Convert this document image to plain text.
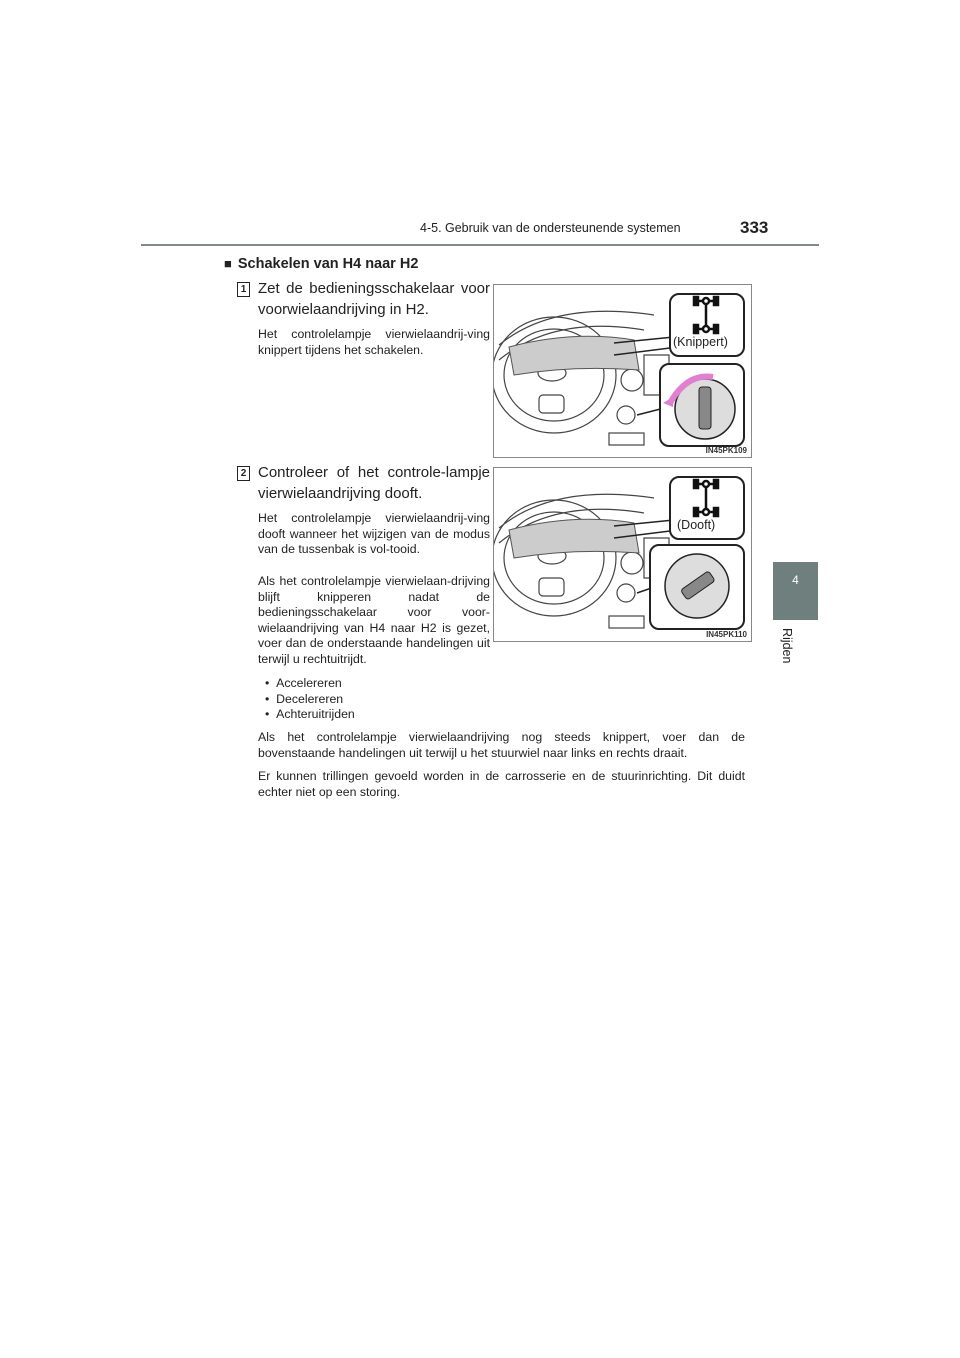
4-5. Gebruik van de ondersteunende systemen	333
4
Rijden
■ Schakelen van H4 naar H2
1 Zet de bedieningsschakelaar voor voorwielaandrijving in H2.
Het controlelampje vierwielaandrij-ving knippert tijdens het schakelen.
2 Controleer of het controle-lampje vierwielaandrijving dooft.
Het controlelampje vierwielaandrij-ving dooft wanneer het wijzigen van de modus van de tussenbak is vol-tooid.
Als het controlelampje vierwielaan-drijving blijft knipperen nadat de bedieningsschakelaar voor voor-wielaandrijving van H4 naar H2 is gezet, voer dan de onderstaande handelingen uit terwijl u rechtuitrijdt.
•  Accelereren
•  Decelereren
•  Achteruitrijden
Als het controlelampje vierwielaandrijving nog steeds knippert, voer dan de bovenstaande handelingen uit terwijl u het stuurwiel naar links en rechts draait.
Er kunnen trillingen gevoeld worden in de carrosserie en de stuurinrichting. Dit duidt echter niet op een storing.
(Knippert)
IN45PK109
(Dooft)
IN45PK110
